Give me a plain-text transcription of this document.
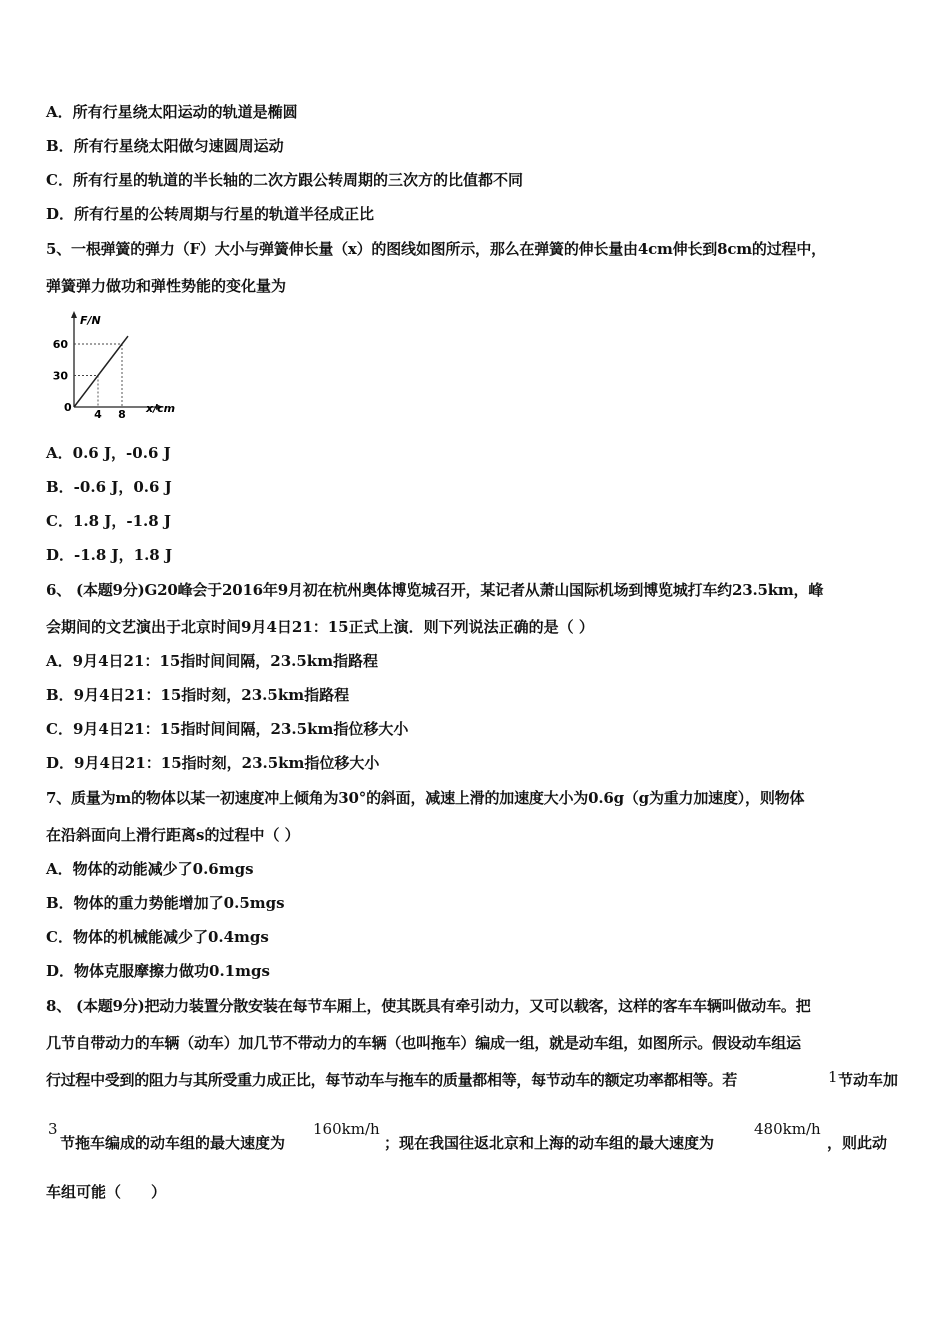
A．所有行星绕太阳运动的轨道是椭圆
B．所有行星绕太阳做匀速圆周运动
C．所有行星的轨道的半长轴的二次方跟公转周期的三次方的比值都不同
D．所有行星的公转周期与行星的轨道半径成正比
5、一根弹簧的弹力（F）大小与弹簧伸长量（x）的图线如图所示，那么在弹簧的伸长量由4cm伸长到8cm的过程中，
弹簧弹力做功和弹性势能的变化量为
F/N
x/cm
0
4 8
30
60
A．0.6 J，-0.6 J
B．-0.6 J，0.6 J
C．1.8 J，-1.8 J
D．-1.8 J，1.8 J
6、 (本题9分)G20峰会于2016年9月初在杭州奥体博览城召开，某记者从萧山国际机场到博览城打车约23.5km，峰
会期间的文艺演出于北京时间9月4日21：15正式上演．则下列说法正确的是（ ）
A．9月4日21：15指时间间隔，23.5km指路程
B．9月4日21：15指时刻，23.5km指路程
C．9月4日21：15指时间间隔，23.5km指位移大小
D．9月4日21：15指时刻，23.5km指位移大小
7、质量为m的物体以某一初速度冲上倾角为30°的斜面，减速上滑的加速度大小为0.6g（g为重力加速度），则物体
在沿斜面向上滑行距离s的过程中（ ）
A．物体的动能减少了0.6mgs
B．物体的重力势能增加了0.5mgs
C．物体的机械能减少了0.4mgs
D．物体克服摩擦力做功0.1mgs
8、 (本题9分)把动力装置分散安装在每节车厢上，使其既具有牵引动力，又可以载客，这样的客车车辆叫做动车。把
几节自带动力的车辆（动车）加几节不带动力的车辆（也叫拖车）编成一组，就是动车组，如图所示。假设动车组运
行过程中受到的阻力与其所受重力成正比，每节动车与拖车的质量都相等，每节动车的额定功率都相等。若	1 节动车加
3
节拖车编成的动车组的最大速度为
160km/h
；现在我国往返北京和上海的动车组的最大速度为
480km/h
，则此动
车组可能（　　）
